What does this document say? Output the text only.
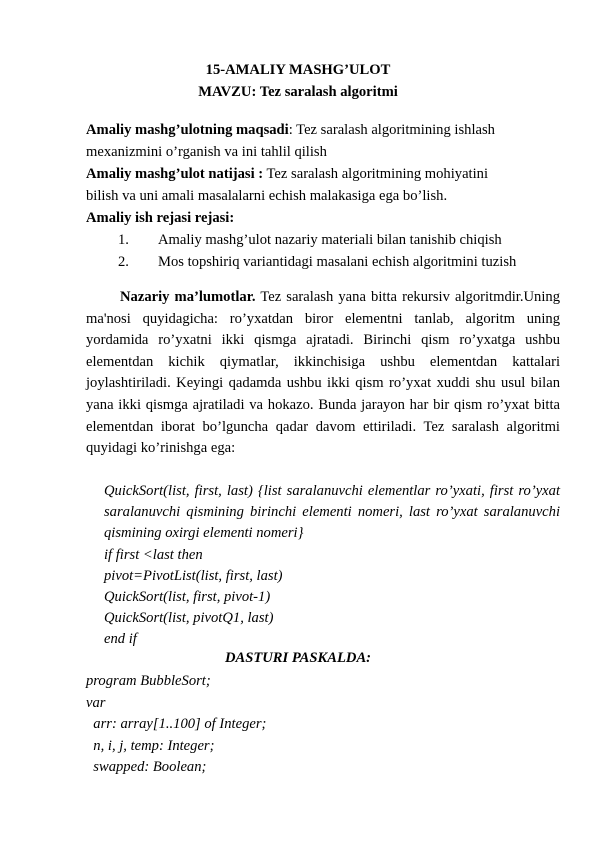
15-AMALIY MASHG’ULOT
MAVZU: Tez saralash algoritmi
Amaliy mashg’ulotning maqsadi: Tez saralash algoritmining ishlash
mexanizmini o’rganish va ini tahlil qilish
Amaliy mashg’ulot natijasi : Tez saralash algoritmining mohiyatini
bilish va uni amali masalalarni echish malakasiga ega bo’lish.
Amaliy ish rejasi rejasi:
1. Amaliy mashg’ulot nazariy materiali bilan tanishib chiqish
2. Mos topshiriq variantidagi masalani echish algoritmini tuzish
Nazariy ma’lumotlar. Tez saralash yana bitta rekursiv algoritmdir.Uning ma'nosi quyidagicha: ro’yxatdan biror elementni tanlab, algoritm uning yordamida ro’yxatni ikki qismga ajratadi. Birinchi qism ro’yxatga ushbu elementdan kichik qiymatlar, ikkinchisiga ushbu elementdan kattalari joylashtiriladi. Keyingi qadamda ushbu ikki qism ro’yxat xuddi shu usul bilan yana ikki qismga ajratiladi va hokazo. Bunda jarayon har bir qism ro’yxat bitta elementdan iborat bo’lguncha qadar davom ettiriladi. Tez saralash algoritmi quyidagi ko’rinishga ega:
QuickSort(list, first, last) {list saralanuvchi elementlar ro’yxati, first ro’yxat saralanuvchi qismining birinchi elementi nomeri, last ro’yxat saralanuvchi qismining oxirgi elementi nomeri}
if first <last then
pivot=PivotList(list, first, last)
QuickSort(list, first, pivot-1)
QuickSort(list, pivotQ1, last)
end if
DASTURI PASKALDA:
program BubbleSort;
var
arr: array[1..100] of Integer;
n, i, j, temp: Integer;
swapped: Boolean;
